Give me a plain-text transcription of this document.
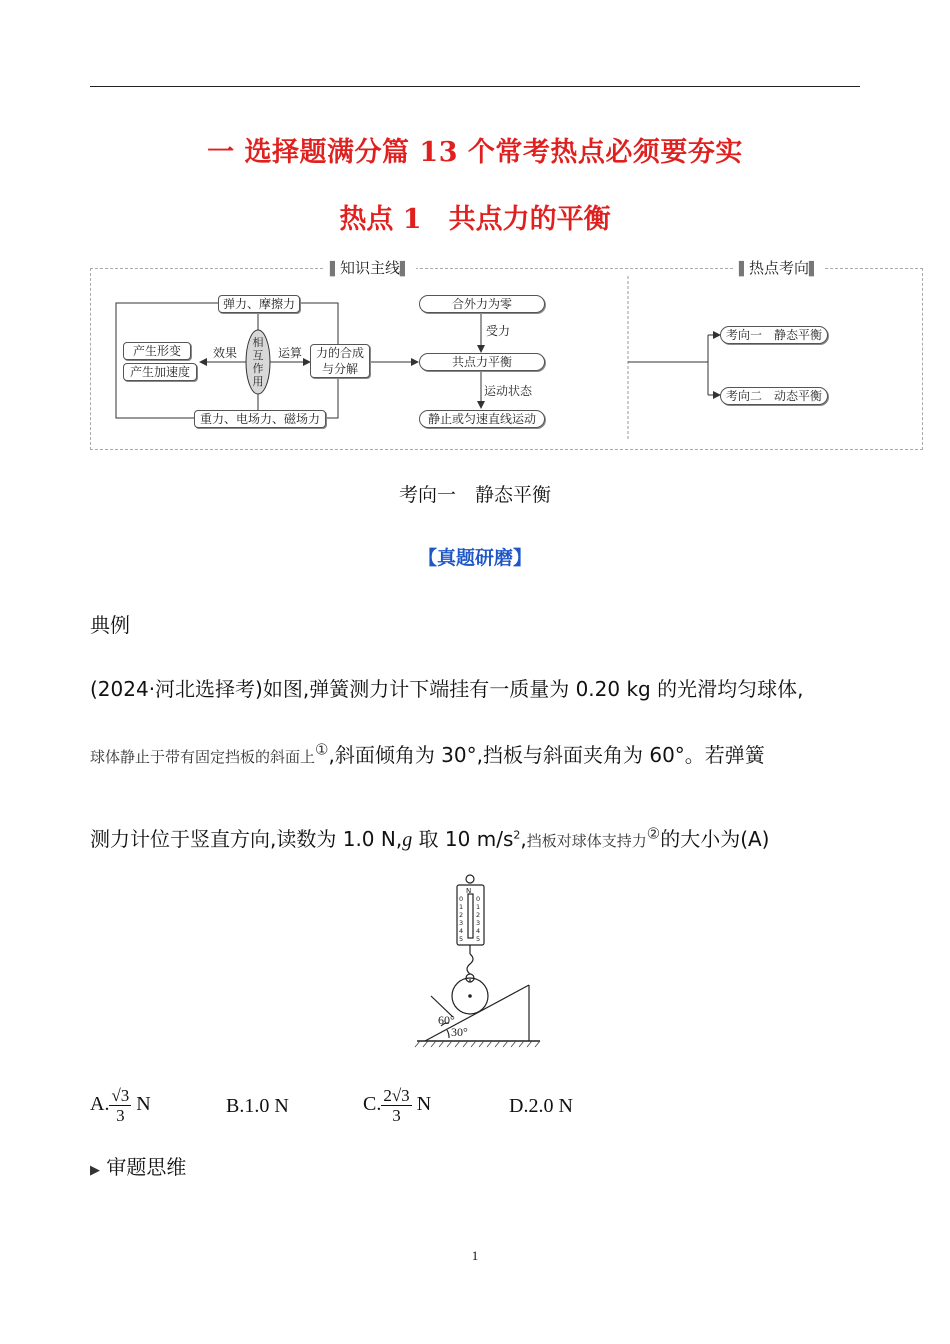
一 选择题满分篇 13 个常考热点必须要夯实
热点 1　共点力的平衡
▌ 知识主线 ▌
▌	热点考向 ▌
弹力、摩擦力
产生形变
产生加速度
相互作用
效果	运算	力的合成与分解
重力、电场力、磁场力
合外力为零
受力
共点力平衡
运动状态
静止或匀速直线运动
考向一　静态平衡
考向二　动态平衡
考向一　静态平衡
【真题研磨】
典例
(2024·河北选择考)如图,弹簧测力计下端挂有一质量为 0.20 kg 的光滑均匀球体,
球体静止于带有固定挡板的斜面上①,斜面倾角为 30°,挡板与斜面夹角为 60°。若弹簧
测力计位于竖直方向,读数为 1.0 N,g 取 10 $m/s^2$,挡板对球体支持力②的大小为(A)
N
0 0
1 1
2 2
3 3
4 4
5 5
60°
30°
A. $\frac{√3}{3}$ N	B.1.0 N	C. $\frac{2√3}{3}$ N	D.2.0 N
▶ 审题思维
1
